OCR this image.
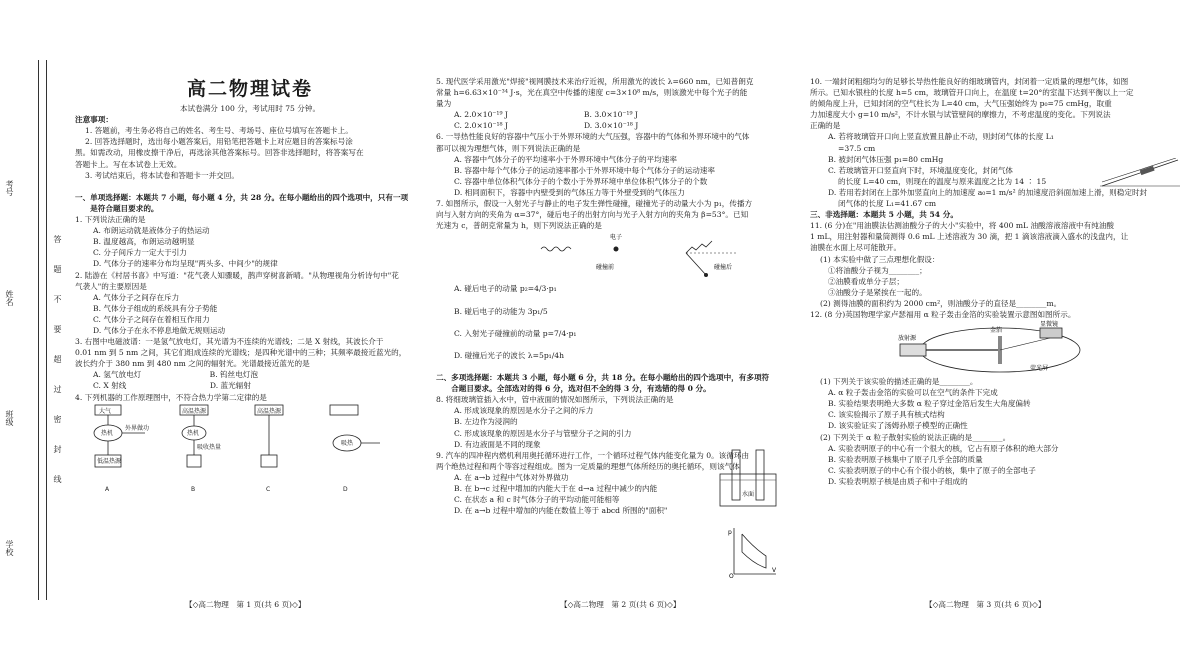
考号
姓名
班级
学校
答
题
不
要
超
过
密
封
线
高二物理试卷

本试卷满分 100 分，考试用时 75 分钟。

注意事项：

1. 答题前，考生务必将自己的姓名、考生号、考场号、座位号填写在答题卡上。

2. 回答选择题时，选出每小题答案后，用铅笔把答题卡上对应题目的答案标号涂

黑。如需改动，用橡皮擦干净后，再选涂其他答案标号。回答非选择题时，将答案写在

答题卡上。写在本试卷上无效。

3. 考试结束后，将本试卷和答题卡一并交回。

一、单项选择题：本题共 7 小题，每小题 4 分，共 28 分。在每小题给出的四个选项中，只有一项

　　是符合题目要求的。

1. 下列说法正确的是

A. 布朗运动就是液体分子的热运动

B. 温度越高，布朗运动越明显

C. 分子间斥力一定大于引力

D. 气体分子的速率分布均呈现"两头多、中间少"的规律

2. 陆游在《村居书喜》中写道："花气袭人知骤暖，鹊声穿树喜新晴。"从物理视角分析诗句中"花

气袭人"的主要原因是

A. 气体分子之间存在斥力

B. 气体分子组成的系统具有分子势能

C. 气体分子之间存在着相互作用力

D. 气体分子在永不停息地做无规则运动

3. 右图中电磁波谱：一是氢气放电灯，其光谱为不连续的光谱线；二是 X 射线，其波长介于

0.01 nm 到 5 nm 之间，其它们组成连续的光谱线；是四种光谱中的三种；其频率最接近蓝光的，

波长约介于 380 nm 到 480 nm 之间的辐射光。光谱最接近蓝光的是

A. 氢气放电灯　　　　　　　　　B. 钨丝电灯泡

C. X 射线　　　　　　　　　　　D. 蓝光辐射

4. 下列机器的工作原理图中，不符合热力学第二定律的是

大气
热机
外界做功
低温热源
A
高温热源
热机
吸收热量
B
高温热源
C
吸热
D
【◇高二物理　第 1 页(共 6 页)◇】

5. 现代医学采用激光"焊接"视网膜技术来治疗近视，所用激光的波长 λ=660 nm，已知普朗克

常量 h=6.63×10⁻³⁴ J·s，光在真空中传播的速度 c=3×10⁸ m/s，则该激光中每个光子的能

量为

A. 2.0×10⁻¹⁹ J　　　　　　　　　　B. 3.0×10⁻¹⁹ J

C. 2.0×10⁻¹⁸ J　　　　　　　　　　D. 3.0×10⁻¹⁸ J

6. 一导热性能良好的容器中气压小于外界环境的大气压强，容器中的气体和外界环境中的气体

都可以视为理想气体，则下列说法正确的是

A. 容器中气体分子的平均速率小于外界环境中气体分子的平均速率

B. 容器中每个气体分子的运动速率都小于外界环境中每个气体分子的运动速率

C. 容器中单位体积气体分子的个数小于外界环境中单位体积气体分子的个数

D. 相同面积下，容器中内壁受到的气体压力等于外壁受到的气体压力

7. 如图所示，假设一入射光子与静止的电子发生弹性碰撞，碰撞光子的动量大小为 p₁，传播方

向与入射方向的夹角为 α=37°，碰后电子的出射方向与光子入射方向的夹角为 β=53°。已知

光速为 c，普朗克常量为 h，则下列说法正确的是

电子
碰撞前	碰撞后

A. 碰后电子的动量 p₂=4/3·p₁

B. 碰后电子的动能为 3p₁/5

C. 入射光子碰撞前的动量 p=7/4·p₁

D. 碰撞后光子的波长 λ=5p₁/4h

二、多项选择题：本题共 3 小题，每小题 6 分，共 18 分。在每小题给出的四个选项中，有多项符

　　合题目要求。全部选对的得 6 分，选对但不全的得 3 分，有选错的得 0 分。

8. 将细玻璃管插入水中，管中液面的情况如图所示，下列说法正确的是

A. 形成该现象的原因是水分子之间的斥力

B. 左边作为浸润的

C. 形成该现象的原因是水分子与管壁分子之间的引力

D. 有边液面是不同的现象

9. 汽车的四冲程内燃机利用奥托循环进行工作，一个循环过程气体内能变化量为 0。该循环由

两个绝热过程和两个等容过程组成。图为一定质量的理想气体所经历的奥托循环，则该气体

A. 在 a→b 过程中气体对外界做功

B. 在 b→c 过程中增加的内能大于在 d→a 过程中减少的内能

C. 在状态 a 和 c 时气体分子的平均动能可能相等

D. 在 a→b 过程中增加的内能在数值上等于 abcd 所围的"面积"

水面
p
V
O
【◇高二物理　第 2 页(共 6 页)◇】

10. 一端封闭粗细均匀的足够长导热性能良好的细玻璃管内，封闭着一定质量的理想气体，如图

所示。已知水银柱的长度 h=5 cm，玻璃管开口向上，在温度 t=20°的室温下达到平衡以上一定

的倾角度上升，已知封闭的空气柱长为 L=40 cm，大气压强始终为 p₀=75 cmHg，取重

力加速度大小 g=10 m/s²，不计水银与试管壁间的摩擦力，不考虑温度的变化。下列说法

正确的是

A. 若将玻璃管开口向上竖直放置且静止不动，则封闭气体的长度 L₁

　 =37.5 cm

B. 被封闭气体压强 p₁=80 cmHg

C. 若玻璃管开口竖直向下时，环境温度变化，封闭气体

　 的长度 L=40 cm，则现在的温度与原来温度之比为 14 ∶ 15

D. 若用若封闭在上部外加竖直向上的加速度 a₀=1 m/s² 的加速度沿斜面加速上滑，则稳定时封

　 闭气体的长度 L₁=41.67 cm

三、非选择题：本题共 5 小题，共 54 分。

11. (6 分)在"用油膜法估测油酸分子的大小"实验中，将 400 mL 油酸溶液溶液中有纯油酸

1 mL，用注射器和量筒测得 0.6 mL 上述溶液为 30 滴，把 1 滴该溶液滴入盛水的浅盘内，让

油膜在水面上尽可能散开。

(1) 本实验中做了三点理想化假设：

①将油酸分子视为________；

②油膜看成单分子层；

③油酸分子是紧挨在一起的。

(2) 测得油膜的面积约为 2000 cm²，则油酸分子的直径是________m。

12. (8 分)英国物理学家卢瑟福用 α 粒子轰击金箔的实验装置示意图如图所示。

放射源
金箔
荧光屏
显微镜

(1) 下列关于该实验的描述正确的是________。

A. α 粒子轰击金箔的实验可以在空气的条件下完成

B. 实验结果表明绝大多数 α 粒子穿过金箔后发生大角度偏转

C. 该实验揭示了原子具有核式结构

D. 该实验证实了汤姆孙原子模型的正确性

(2) 下列关于 α 粒子散射实验的说法正确的是________。

A. 实验表明原子的中心有一个很大的核，它占有原子体积的绝大部分

B. 实验表明原子核集中了原子几乎全部的质量

C. 实验表明原子的中心有个很小的核，集中了原子的全部电子

D. 实验表明原子核是由质子和中子组成的

【◇高二物理　第 3 页(共 6 页)◇】
